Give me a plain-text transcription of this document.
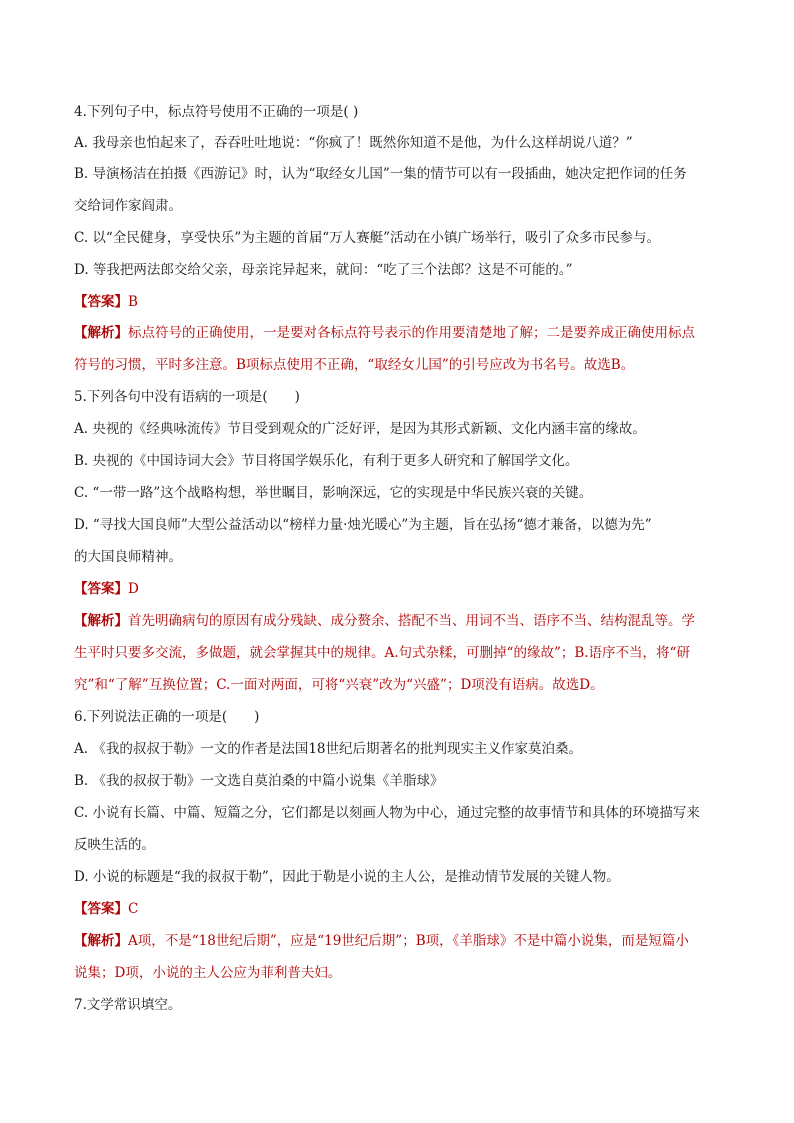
4.下列句子中，标点符号使用不正确的一项是( )
A. 我母亲也怕起来了，吞吞吐吐地说：“你疯了！既然你知道不是他，为什么这样胡说八道？”
B. 导演杨洁在拍摄《西游记》时，认为“取经女儿国”一集的情节可以有一段插曲，她决定把作词的任务
交给词作家阎肃。
C. 以“全民健身，享受快乐”为主题的首届“万人赛艇”活动在小镇广场举行，吸引了众多市民参与。
D. 等我把两法郎交给父亲，母亲诧异起来，就问：“吃了三个法郎？这是不可能的。”
【答案】B
【解析】标点符号的正确使用，一是要对各标点符号表示的作用要清楚地了解；二是要养成正确使用标点
符号的习惯，平时多注意。B项标点使用不正确，“取经女儿国”的引号应改为书名号。故选B。
5.下列各句中没有语病的一项是(　　)
A. 央视的《经典咏流传》节目受到观众的广泛好评，是因为其形式新颖、文化内涵丰富的缘故。
B. 央视的《中国诗词大会》节目将国学娱乐化，有利于更多人研究和了解国学文化。
C. “一带一路”这个战略构想，举世瞩目，影响深远，它的实现是中华民族兴衰的关键。
D. “寻找大国良师”大型公益活动以“榜样力量·烛光暖心”为主题，旨在弘扬“德才兼备，以德为先”
的大国良师精神。
【答案】D
【解析】首先明确病句的原因有成分残缺、成分赘余、搭配不当、用词不当、语序不当、结构混乱等。学
生平时只要多交流，多做题，就会掌握其中的规律。A.句式杂糅，可删掉“的缘故”；B.语序不当，将“研
究”和“了解”互换位置；C.一面对两面，可将“兴衰”改为“兴盛”；D项没有语病。故选D。
6.下列说法正确的一项是(　　)
A. 《我的叔叔于勒》一文的作者是法国18世纪后期著名的批判现实主义作家莫泊桑。
B. 《我的叔叔于勒》一文选自莫泊桑的中篇小说集《羊脂球》
C. 小说有长篇、中篇、短篇之分，它们都是以刻画人物为中心，通过完整的故事情节和具体的环境描写来
反映生活的。
D. 小说的标题是“我的叔叔于勒”，因此于勒是小说的主人公，是推动情节发展的关键人物。
【答案】C
【解析】A项，不是“18世纪后期”，应是“19世纪后期”；B项，《羊脂球》不是中篇小说集，而是短篇小
说集；D项，小说的主人公应为菲利普夫妇。
7.文学常识填空。
